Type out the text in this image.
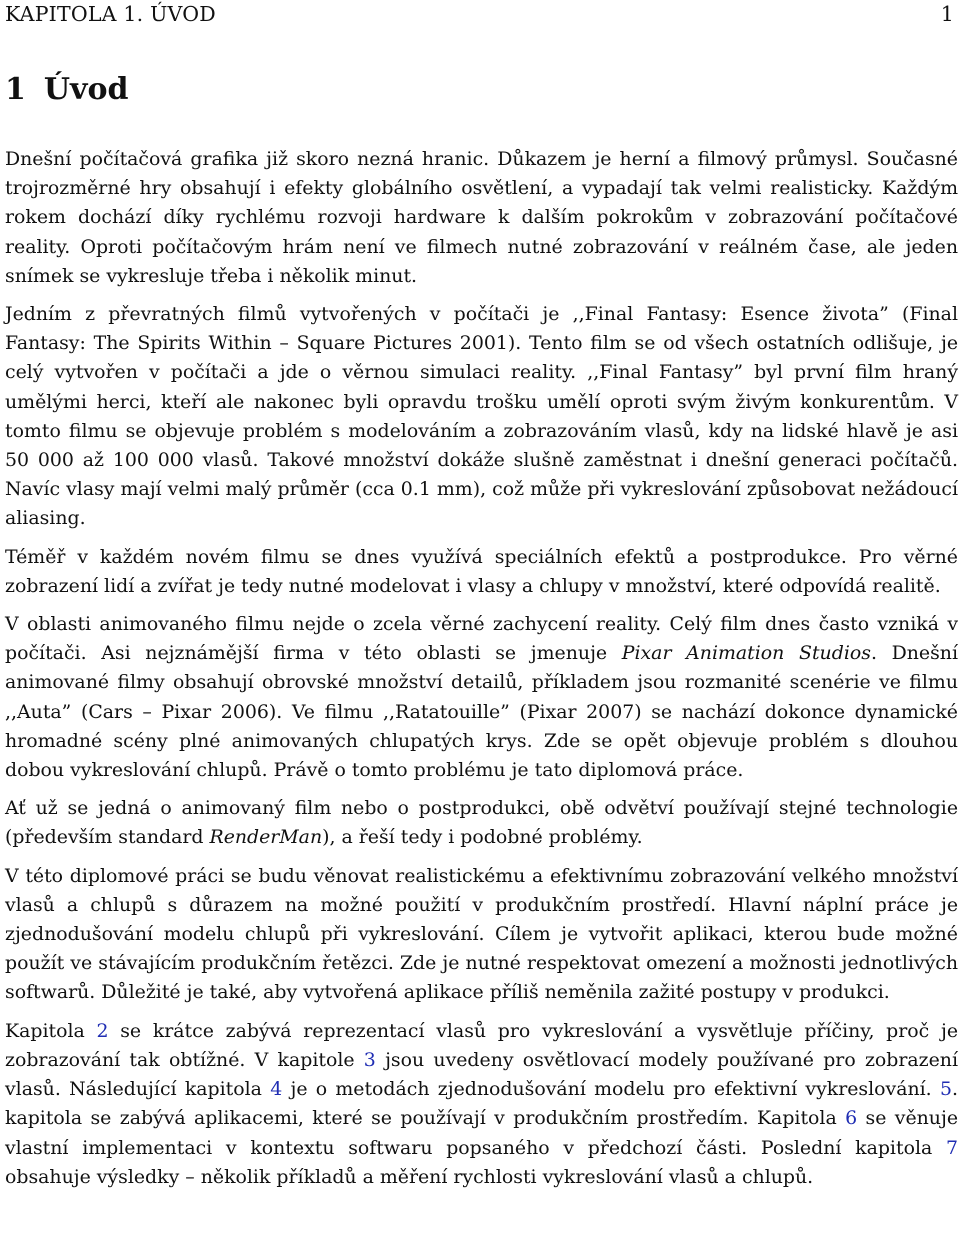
KAPITOLA 1. ÚVOD	1
1 Úvod

Dnešní počítačová grafika již skoro nezná hranic. Důkazem je herní a filmový průmysl. Současné trojrozměrné hry obsahují i efekty globálního osvětlení, a vypadají tak velmi realisticky. Každým rokem dochází díky rychlému rozvoji hardware k dalším pokrokům v zobrazování počítačové reality. Oproti počítačovým hrám není ve filmech nutné zobrazování v reálném čase, ale jeden snímek se vykresluje třeba i několik minut.

Jedním z převratných filmů vytvořených v počítači je ,,Final Fantasy: Esence života” (Final Fantasy: The Spirits Within – Square Pictures 2001). Tento film se od všech ostatních odlišuje, je celý vytvořen v počítači a jde o věrnou simulaci reality. ,,Final Fantasy” byl první film hraný umělými herci, kteří ale nakonec byli opravdu trošku umělí oproti svým živým konkurentům. V tomto filmu se objevuje problém s modelováním a zobrazováním vlasů, kdy na lidské hlavě je asi 50 000 až 100 000 vlasů. Takové množství dokáže slušně zaměstnat i dnešní generaci počítačů. Navíc vlasy mají velmi malý průměr (cca 0.1 mm), což může při vykreslování způsobovat nežádoucí aliasing.

Téměř v každém novém filmu se dnes využívá speciálních efektů a postprodukce. Pro věrné zobrazení lidí a zvířat je tedy nutné modelovat i vlasy a chlupy v množství, které odpovídá realitě.

V oblasti animovaného filmu nejde o zcela věrné zachycení reality. Celý film dnes často vzniká v počítači. Asi nejznámější firma v této oblasti se jmenuje Pixar Animation Studios. Dnešní animované filmy obsahují obrovské množství detailů, příkladem jsou rozmanité scenérie ve filmu ,,Auta” (Cars – Pixar 2006). Ve filmu ,,Ratatouille” (Pixar 2007) se nachází dokonce dynamické hromadné scény plné animovaných chlupatých krys. Zde se opět objevuje problém s dlouhou dobou vykreslování chlupů. Právě o tomto problému je tato diplomová práce.

Ať už se jedná o animovaný film nebo o postprodukci, obě odvětví používají stejné technologie (především standard RenderMan), a řeší tedy i podobné problémy.

V této diplomové práci se budu věnovat realistickému a efektivnímu zobrazování velkého množství vlasů a chlupů s důrazem na možné použití v produkčním prostředí. Hlavní náplní práce je zjednodušování modelu chlupů při vykreslování. Cílem je vytvořit aplikaci, kterou bude možné použít ve stávajícím produkčním řetězci. Zde je nutné respektovat omezení a možnosti jednotlivých softwarů. Důležité je také, aby vytvořená aplikace příliš neměnila zažité postupy v produkci.

Kapitola 2 se krátce zabývá reprezentací vlasů pro vykreslování a vysvětluje příčiny, proč je zobrazování tak obtížné. V kapitole 3 jsou uvedeny osvětlovací modely používané pro zobrazení vlasů. Následující kapitola 4 je o metodách zjednodušování modelu pro efektivní vykreslování. 5. kapitola se zabývá aplikacemi, které se používají v produkčním prostředím. Kapitola 6 se věnuje vlastní implementaci v kontextu softwaru popsaného v předchozí části. Poslední kapitola 7 obsahuje výsledky – několik příkladů a měření rychlosti vykreslování vlasů a chlupů.
